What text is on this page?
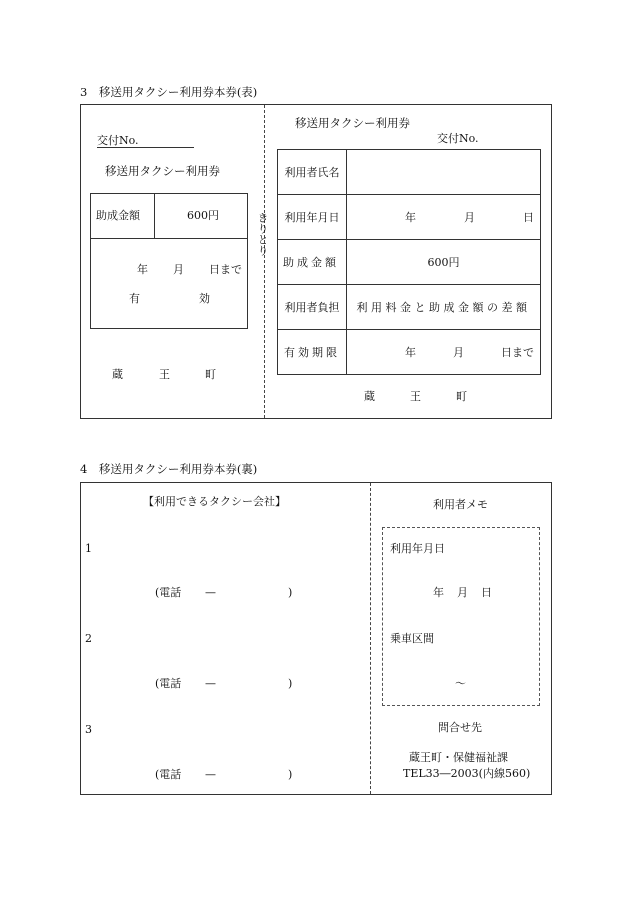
3　移送用タクシー利用券本券(表)
交付No.
移送用タクシー利用券
助成金額	600円
年 月 日まで
有	効
蔵	王	町
きりとり
移送用タクシー利用券
交付No.
利用者氏名	
利用年月日	年 月 日

助成金額	600円
利用者負担	利用料金と助成金額の差額
有効期限	年 月 日まで
蔵	王	町
4　移送用タクシー利用券本券(裏)
【利用できるタクシー会社】
1
(電話 —	)
2
(電話 —	)
3
(電話 —	)
利用者メモ
利用年月日
年 月 日
乗車区間
～
問合せ先
蔵王町・保健福祉課
TEL33―2003(内線560)
